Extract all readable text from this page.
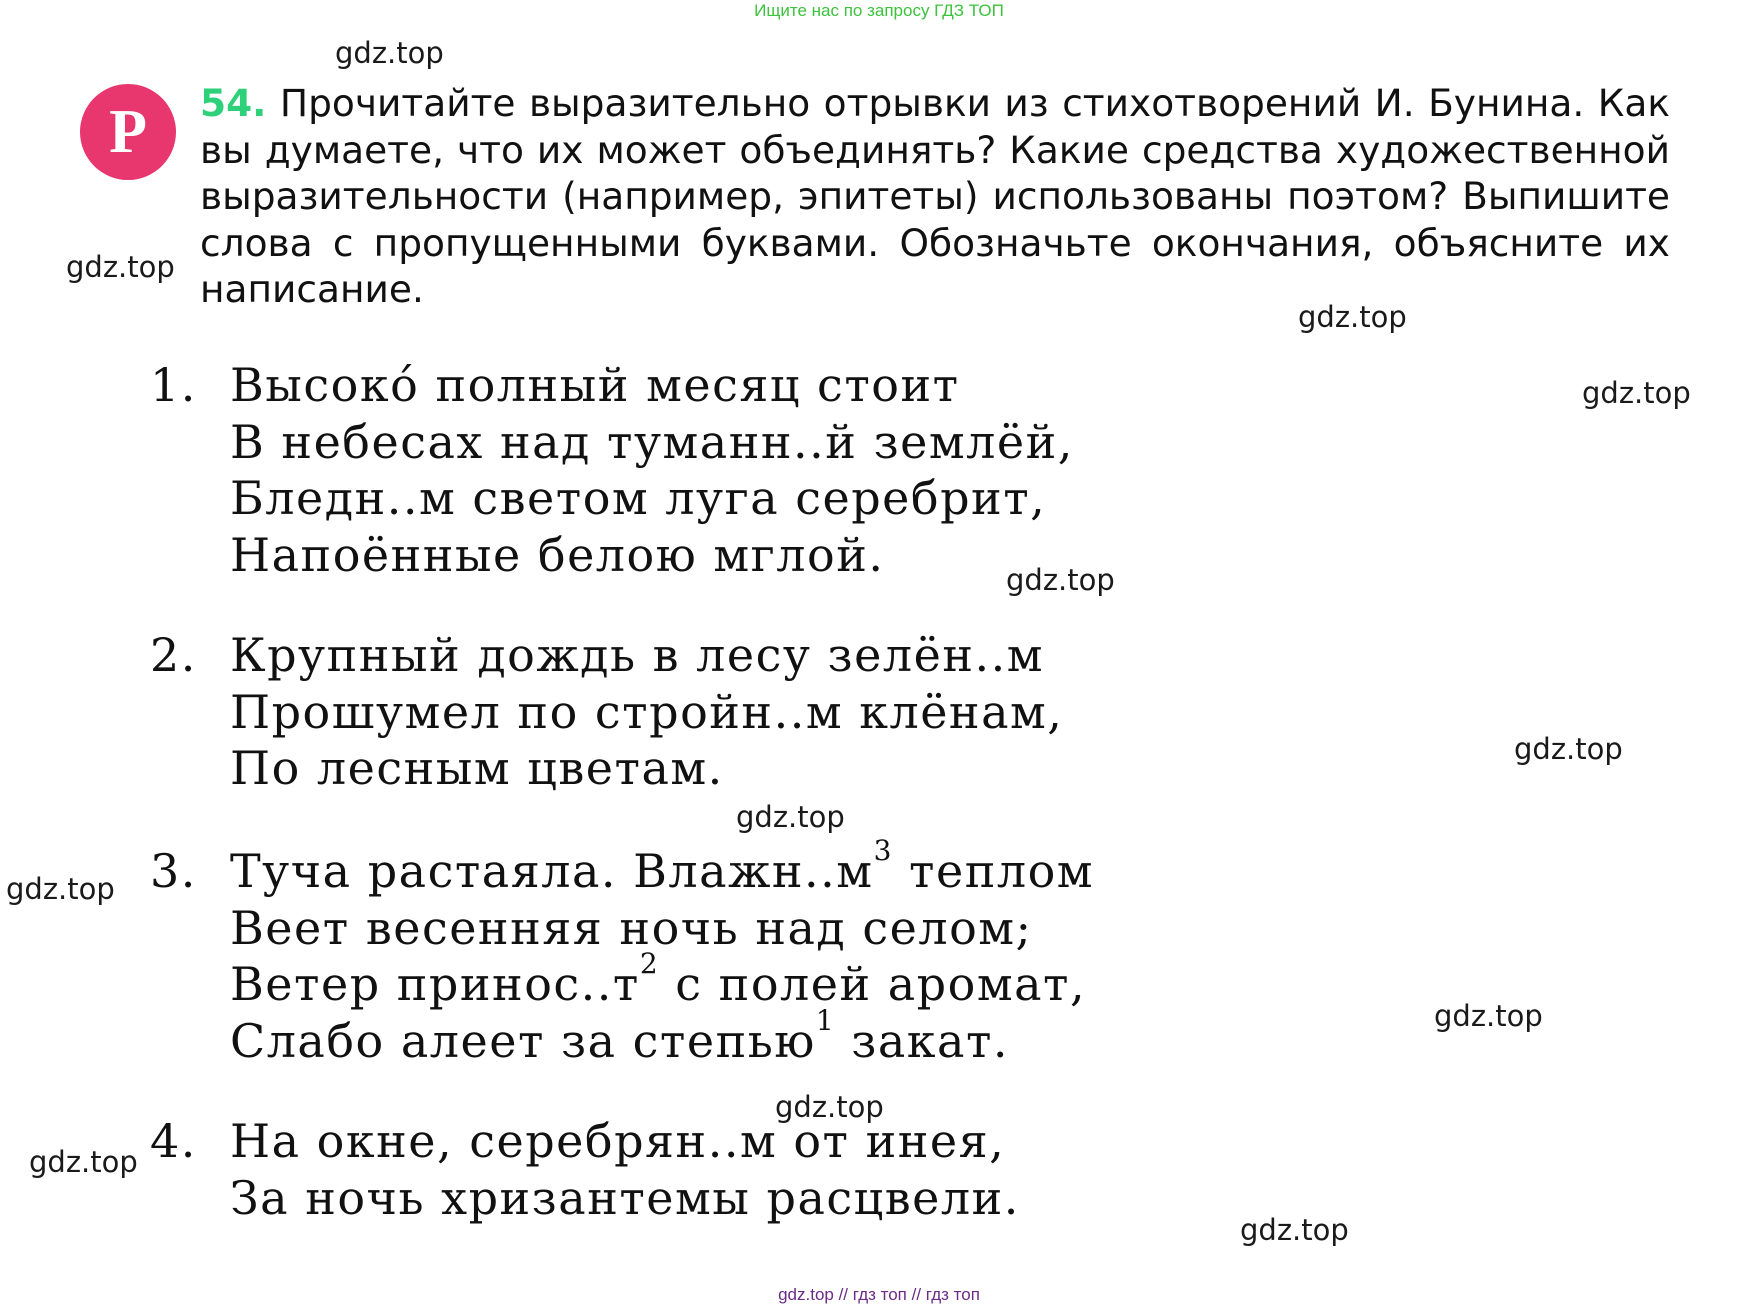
Ищите нас по запросу ГДЗ ТОП
gdz.top
gdz.top
gdz.top
gdz.top
gdz.top
gdz.top
gdz.top
gdz.top
gdz.top
gdz.top
gdz.top
gdz.top
Р	54. Прочитайте выразительно отрывки из стихотворений И. Бунина. Как вы думаете, что их может объединять? Какие средства художественной выразительности (например, эпитеты) использованы поэтом? Выпишите слова с пропущенными буквами. Обозначьте окончания, объясните их написание.
1. Высоко́ полный месяц стоит
В небесах над туманн..й землёй,
Бледн..м светом луга серебрит,
Напоённые белою мглой.
2. Крупный дождь в лесу зелён..м
Прошумел по стройн..м клёнам,
По лесным цветам.
3. Туча растаяла. $Влажн..м^3$ теплом
Веет весенняя ночь над селом;
Ветер $принос..т^2$ с полей аромат,
Слабо алеет за степью$^1$ закат.
4. На окне, серебрян..м от инея,
За ночь хризантемы расцвели.
gdz.top // гдз топ // гдз топ
